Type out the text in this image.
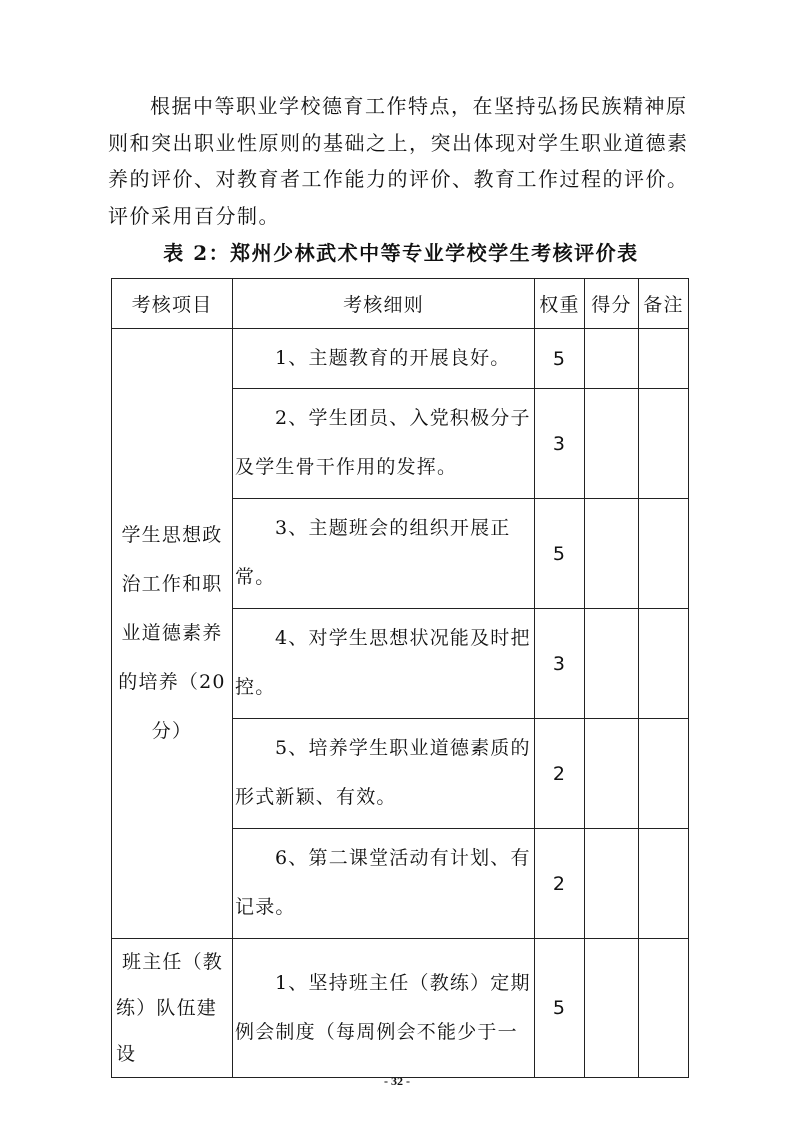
根据中等职业学校德育工作特点，在坚持弘扬民族精神原则和突出职业性原则的基础之上，突出体现对学生职业道德素养的评价、对教育者工作能力的评价、教育工作过程的评价。评价采用百分制。

表 2：郑州少林武术中等专业学校学生考核评价表
考核项目	考核细则	权重	得分	备注
学生思想政治工作和职业道德素养的培养（20分）	1、主题教育的开展良好。	5		
	2、学生团员、入党积极分子及学生骨干作用的发挥。	3		
	3、主题班会的组织开展正常。	5		
	4、对学生思想状况能及时把控。	3		
	5、培养学生职业道德素质的形式新颖、有效。	2		
	6、第二课堂活动有计划、有记录。	2		
班主任（教练）队伍建设	1、坚持班主任（教练）定期例会制度（每周例会不能少于一	5		
- 32 -
